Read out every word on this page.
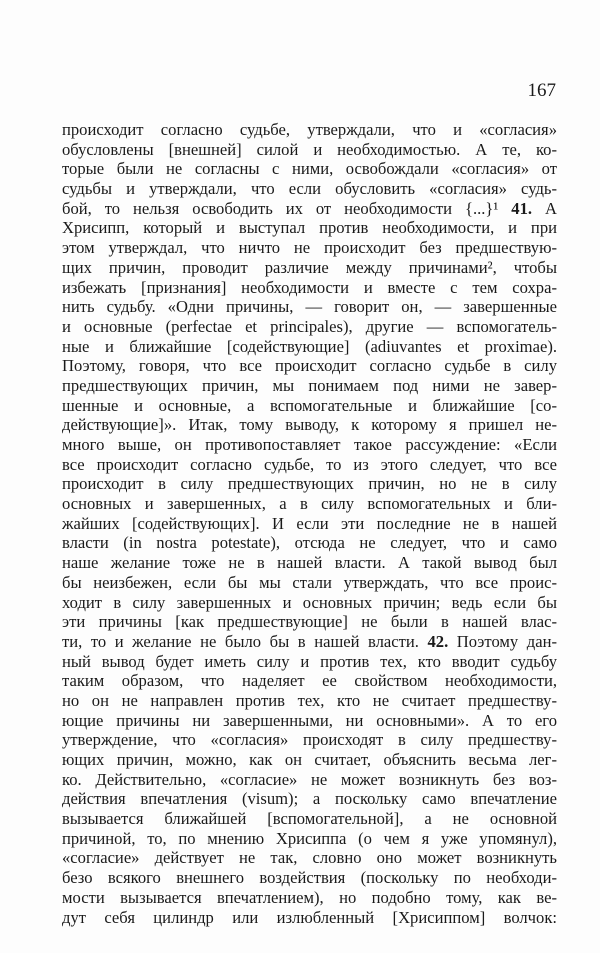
167
происходит согласно судьбе, утверждали, что и «согласия»
обусловлены [внешней] силой и необходимостью. А те, ко-
торые были не согласны с ними, освобождали «согласия» от
судьбы и утверждали, что если обусловить «согласия» судь-
бой, то нельзя освободить их от необходимости {...}¹ 41. А
Хрисипп, который и выступал против необходимости, и при
этом утверждал, что ничто не происходит без предшествую-
щих причин, проводит различие между причинами², чтобы
избежать [признания] необходимости и вместе с тем сохра-
нить судьбу. «Одни причины, — говорит он, — завершенные
и основные (perfectae et principales), другие — вспомогатель-
ные и ближайшие [содействующие] (adiuvantes et proximae).
Поэтому, говоря, что все происходит согласно судьбе в силу
предшествующих причин, мы понимаем под ними не завер-
шенные и основные, а вспомогательные и ближайшие [со-
действующие]». Итак, тому выводу, к которому я пришел не-
много выше, он противопоставляет такое рассуждение: «Если
все происходит согласно судьбе, то из этого следует, что все
происходит в силу предшествующих причин, но не в силу
основных и завершенных, а в силу вспомогательных и бли-
жайших [содействующих]. И если эти последние не в нашей
власти (in nostra potestate), отсюда не следует, что и само
наше желание тоже не в нашей власти. А такой вывод был
бы неизбежен, если бы мы стали утверждать, что все проис-
ходит в силу завершенных и основных причин; ведь если бы
эти причины [как предшествующие] не были в нашей влас-
ти, то и желание не было бы в нашей власти. 42. Поэтому дан-
ный вывод будет иметь силу и против тех, кто вводит судьбу
таким образом, что наделяет ее свойством необходимости,
но он не направлен против тех, кто не считает предшеству-
ющие причины ни завершенными, ни основными». А то его
утверждение, что «согласия» происходят в силу предшеству-
ющих причин, можно, как он считает, объяснить весьма лег-
ко. Действительно, «согласие» не может возникнуть без воз-
действия впечатления (visum); а поскольку само впечатление
вызывается ближайшей [вспомогательной], а не основной
причиной, то, по мнению Хрисиппа (о чем я уже упомянул),
«согласие» действует не так, словно оно может возникнуть
безо всякого внешнего воздействия (поскольку по необходи-
мости вызывается впечатлением), но подобно тому, как ве-
дут себя цилиндр или излюбленный [Хрисиппом] волчок:
